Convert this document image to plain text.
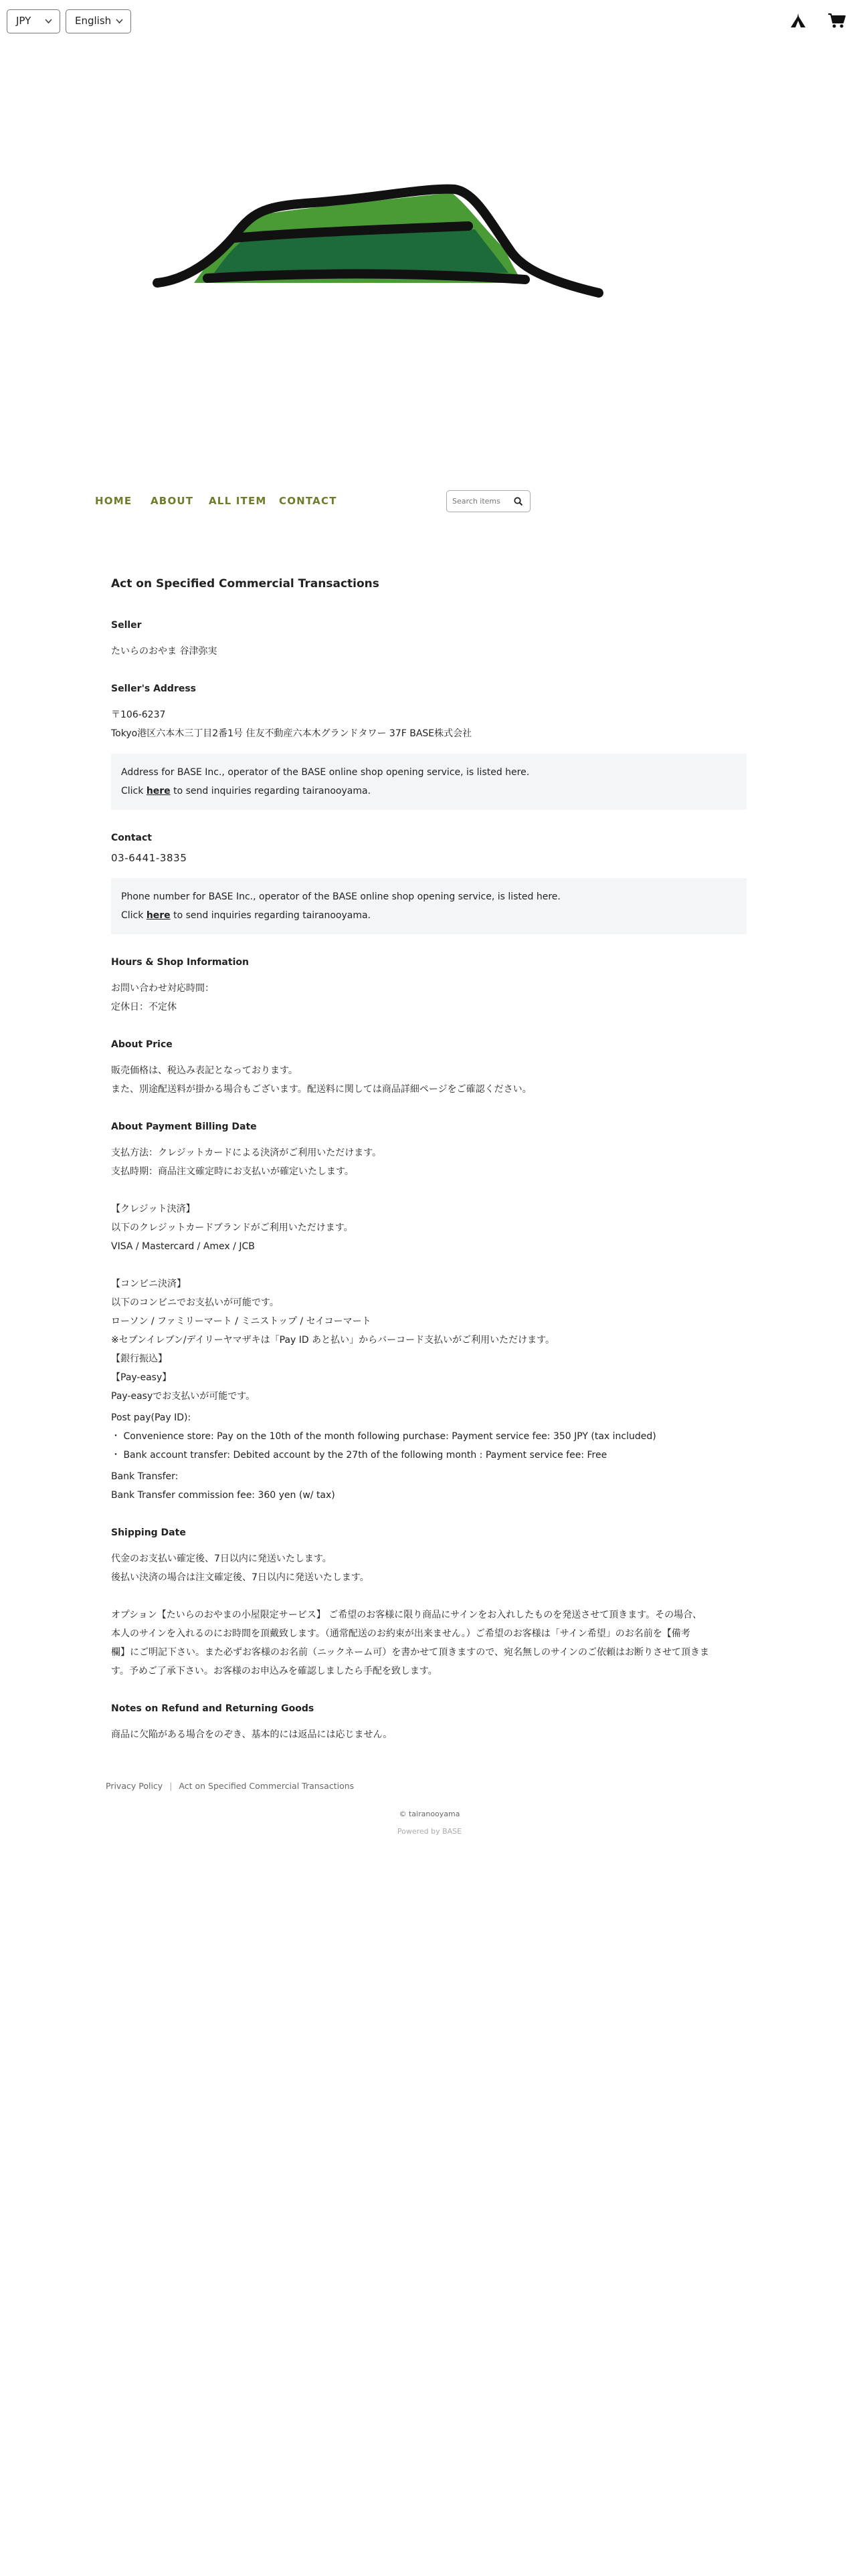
JPY	English
HOME ABOUT ALL ITEM CONTACT
Search items
Act on Specified Commercial Transactions
Seller
たいらのおやま 谷津弥実
Seller's Address
〒106-6237
Tokyo港区六本木三丁目2番1号 住友不動産六本木グランドタワー 37F BASE株式会社
Address for BASE Inc., operator of the BASE online shop opening service, is listed here.
Click here to send inquiries regarding tairanooyama.
Contact
03-6441-3835
Phone number for BASE Inc., operator of the BASE online shop opening service, is listed here.
Click here to send inquiries regarding tairanooyama.
Hours & Shop Information
お問い合わせ対応時間：
定休日：不定休
About Price
販売価格は、税込み表記となっております。
また、別途配送料が掛かる場合もございます。配送料に関しては商品詳細ページをご確認ください。
About Payment Billing Date
支払方法：クレジットカードによる決済がご利用いただけます。
支払時期：商品注文確定時にお支払いが確定いたします。
【クレジット決済】
以下のクレジットカードブランドがご利用いただけます。
VISA / Mastercard / Amex / JCB
【コンビニ決済】
以下のコンビニでお支払いが可能です。
ローソン / ファミリーマート / ミニストップ / セイコーマート
※セブンイレブン/デイリーヤマザキは「Pay ID あと払い」からバーコード支払いがご利用いただけます。
【銀行振込】
【Pay-easy】
Pay-easyでお支払いが可能です。
Post pay(Pay ID):
・ Convenience store: Pay on the 10th of the month following purchase: Payment service fee: 350 JPY (tax included)
・ Bank account transfer: Debited account by the 27th of the following month : Payment service fee: Free
Bank Transfer:
Bank Transfer commission fee: 360 yen (w/ tax)
Shipping Date
代金のお支払い確定後、7日以内に発送いたします。
後払い決済の場合は注文確定後、7日以内に発送いたします。
オプション【たいらのおやまの小屋限定サービス】 ご希望のお客様に限り商品にサインをお入れしたものを発送させて頂きます。その場合、
本人のサインを入れるのにお時間を頂戴致します。（通常配送のお約束が出来ません。）ご希望のお客様は「サイン希望」のお名前を【備考
欄】にご明記下さい。また必ずお客様のお名前（ニックネーム可）を書かせて頂きますので、宛名無しのサインのご依頼はお断りさせて頂きま
す。予めご了承下さい。お客様のお申込みを確認しましたら手配を致します。
Notes on Refund and Returning Goods
商品に欠陥がある場合をのぞき、基本的には返品には応じません。
Privacy Policy | Act on Specified Commercial Transactions
© tairanooyama
Powered by BASE
